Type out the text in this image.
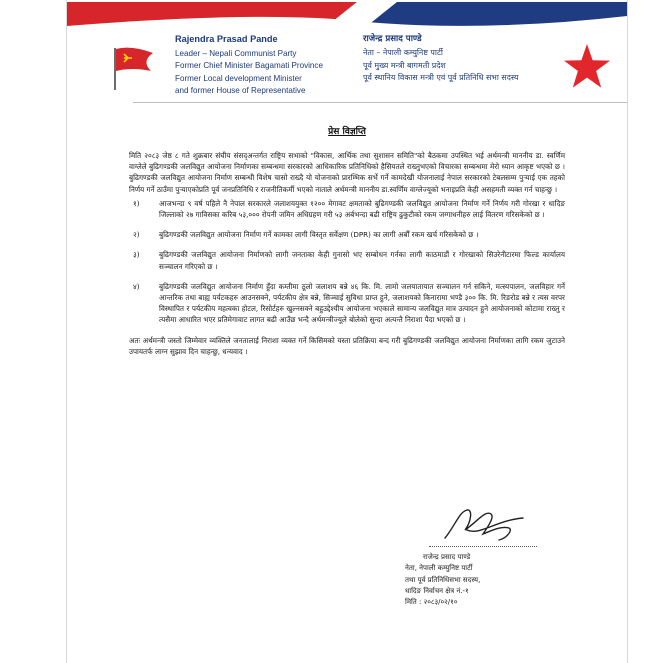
Rajendra Prasad Pande
Leader – Nepali Communist Party
Former Chief Minister Bagamati Province
Former Local development Minister
and former House of Representative
राजेन्द्र प्रसाद पाण्डे
नेता – नेपाली कम्युनिष्ट पार्टी
पूर्व मुख्य मन्त्री बागमती प्रदेश
पूर्व स्थानिय विकास मन्त्री एवं पूर्व प्रतिनिधि सभा सदस्य
प्रेस विज्ञप्ति

मिति २०८३ जेष्ठ ८ गते शुक्रबार संघीय संसद्अन्तर्गत राष्ट्रिय सभाको "विकास, आर्थिक तथा सुशासन समिति"को बैठकमा उपस्थित भई अर्थमन्त्री माननीय डा. स्वर्णिम वाग्लेले बुढिगण्डकी जलविद्युत आयोजना निर्माणका सम्बन्धमा सरकारको आधिकारिक प्रतिनिधिको हैसियतले राख्नुभएको विचारका सम्बन्धमा मेरो ध्यान आकृष्ट भएको छ । बुढिगण्डकी जलविद्युत आयोजना निर्माण सम्बन्धी विशेष चासो राख्दै यो योजनाको प्रारम्भिक सर्भे गर्ने कामदेखी योजनालाई नेपाल सरकारको टेबलसम्म पुऱ्याई एक तहको निर्णय गर्ने ठाउँमा पुऱ्याएकोप्रति पूर्व जनप्रतिनिधि र राजनीतिकर्मी भएको नाताले अर्थमन्त्री माननीय डा.स्वर्णिम वाग्लेज्यूको भनाइप्रति केही असहमती व्यक्त गर्न चाहन्छु ।

१)	आजभन्दा ९ वर्ष पहिले नै नेपाल सरकारले जलाशययुक्त १२०० मेगावट क्षमताको बुढिगण्डकी जलविद्युत आयोजना निर्माण गर्ने निर्णय गरी गोरखा र धादिङ जिल्लाको २७ गाविसका करिब ५३,००० रोपनी जमिन अधिग्रहण गरी ५३ अर्बभन्दा बढी राष्ट्रिय ढुकुटीको रकम जग्गाधनीहरु लाई वितरण गरिसकेको छ ।
२)	बुढिगण्डकी जलविद्युत आयोजना निर्माण गर्ने कामका लागी विस्तृत सर्वेक्षण (DPR) का लागी अर्बौं रकम खर्च गरिसकेको छ ।
३)	बुढिगण्डकी जलविद्युत आयोजना निर्माणको लागी जनताका केही गुनासो भए सम्बोधन गर्नका लागी काठमाडौं र गोरखाको सिउरेनीटारमा फिल्ड कार्यालय सञ्चालन गरिएको छ ।
४)	बुढिगण्डकी जलविद्युत आयोजना निर्माण हुँदा कम्तीमा ठूलो जलाशय बन्ने ४६ कि. मि. लामो जलयातायात सञ्चालन गर्न सकिने, मत्स्यपालन, जलविहार गर्ने आन्तरिक तथा बाह्य पर्यटकहरु आउनसक्ने, पर्यटकीय क्षेत्र बन्ने, सिञ्चाई सुविधा प्राप्त हुने, जलाशयको किनारामा भण्डै ३०० कि. मि. रिङरोड बन्ने र त्यस वरपर विस्थापित र पर्यटकीय महत्वका होटल, रिसोर्टहरु खुल्नसक्ने बहुउद्देश्यीय आयोजना भएकाले सामान्य जलविद्युत मात्र उत्पादन हुने आयोजनाको कोटामा राख्नु र त्यसैमा आधारित भएर प्रतिमेगावाट लागत बढी आउँछ भन्दै अर्थमन्त्रीज्यूले बोलेको सुन्दा अत्यन्तै निराशा पैदा भएको छ ।

अतः अर्थमन्त्री जस्तो जिम्मेवार व्यक्तिले जनतालाई निराशा व्यक्त गर्ने किसिमको यस्ता प्रतिक्रिया बन्द गरी बुढिगण्डकी जलविद्युत आयोजना निर्माणका लागि रकम जुटाउने उपायतर्फ लाग्न सुझाव दिन चाहन्छु, धन्यवाद ।

राजेन्द्र प्रसाद पाण्डे
नेता, नेपाली कम्युनिष्ट पार्टी
तथा पूर्व प्रतिनिधिसभा सदस्य,
धादिङ निर्वाचन क्षेत्र नं.-१
मिति : २०८३/०२/१०
